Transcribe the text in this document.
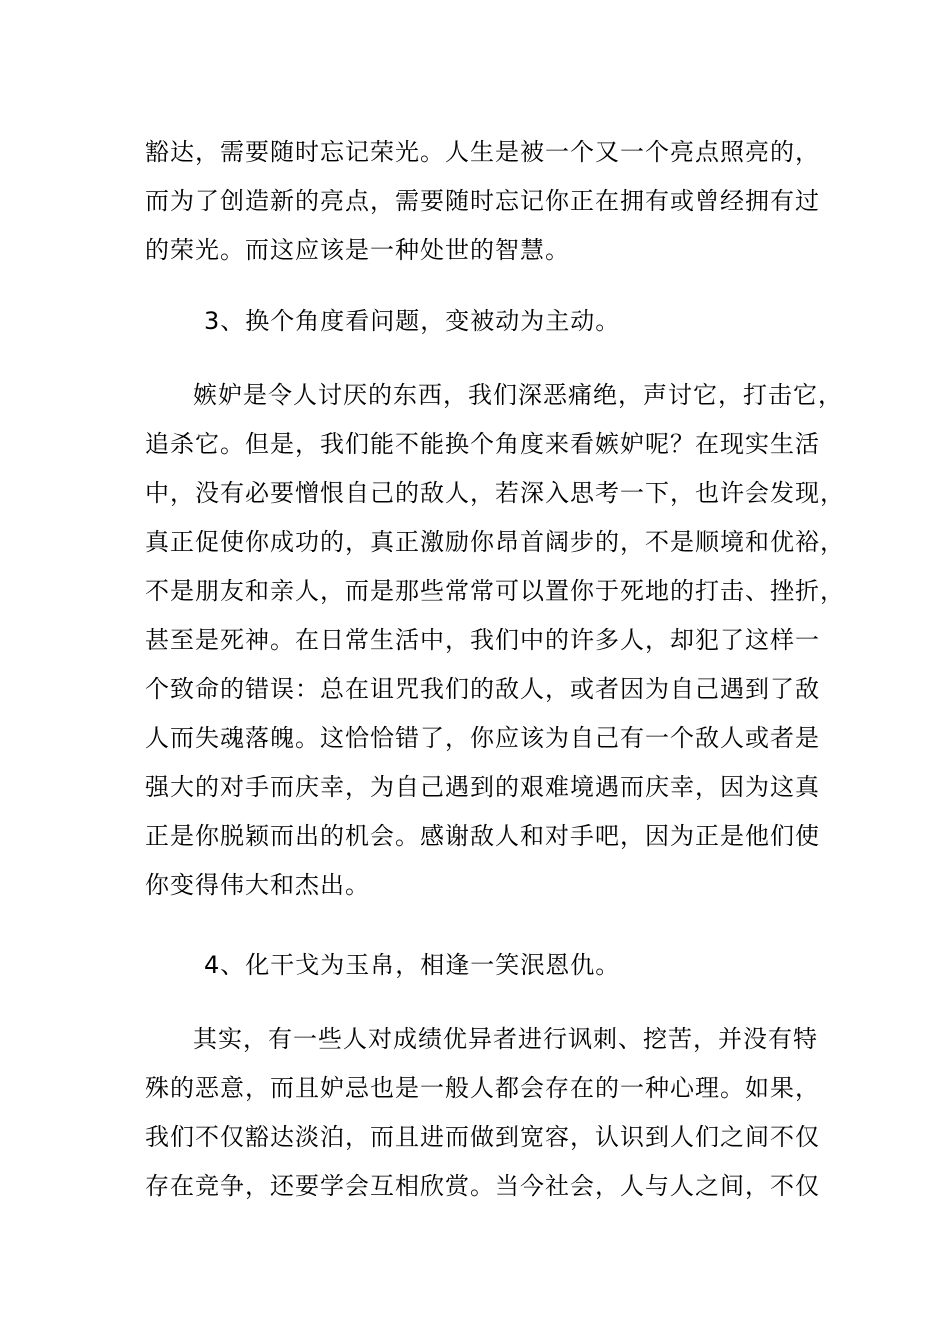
豁达，需要随时忘记荣光。人生是被一个又一个亮点照亮的，
而为了创造新的亮点，需要随时忘记你正在拥有或曾经拥有过
的荣光。而这应该是一种处世的智慧。
3、换个角度看问题，变被动为主动。
嫉妒是令人讨厌的东西，我们深恶痛绝，声讨它，打击它，
追杀它。但是，我们能不能换个角度来看嫉妒呢？在现实生活
中，没有必要憎恨自己的敌人，若深入思考一下，也许会发现，
真正促使你成功的，真正激励你昂首阔步的，不是顺境和优裕，
不是朋友和亲人，而是那些常常可以置你于死地的打击、挫折，
甚至是死神。在日常生活中，我们中的许多人，却犯了这样一
个致命的错误：总在诅咒我们的敌人，或者因为自己遇到了敌
人而失魂落魄。这恰恰错了，你应该为自己有一个敌人或者是
强大的对手而庆幸，为自己遇到的艰难境遇而庆幸，因为这真
正是你脱颖而出的机会。感谢敌人和对手吧，因为正是他们使
你变得伟大和杰出。
4、化干戈为玉帛，相逢一笑泯恩仇。
其实，有一些人对成绩优异者进行讽刺、挖苦，并没有特
殊的恶意，而且妒忌也是一般人都会存在的一种心理。如果，
我们不仅豁达淡泊，而且进而做到宽容，认识到人们之间不仅
存在竞争，还要学会互相欣赏。当今社会，人与人之间，不仅
